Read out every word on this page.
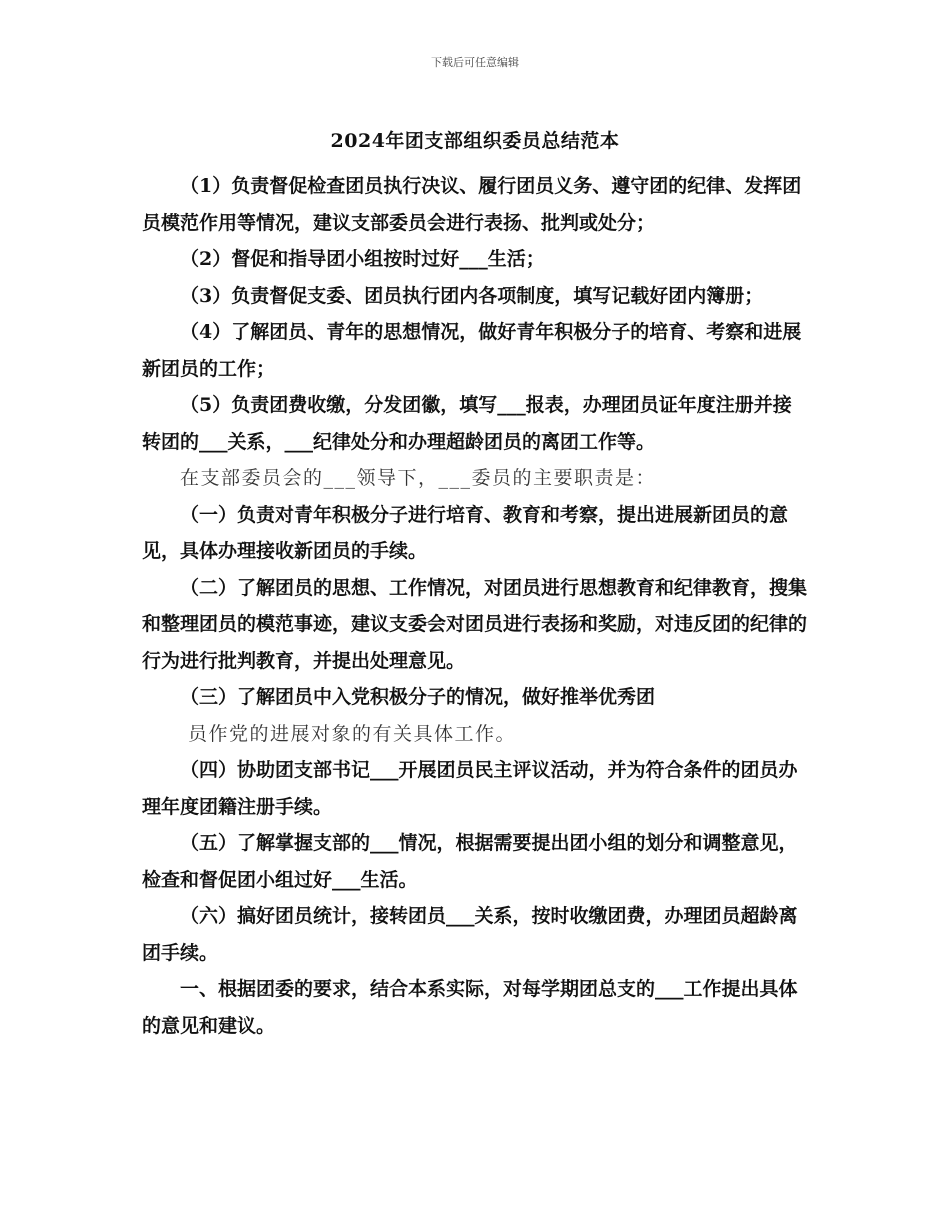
下载后可任意编辑
2024年团支部组织委员总结范本

（1）负责督促检查团员执行决议、履行团员义务、遵守团的纪律、发挥团员模范作用等情况，建议支部委员会进行表扬、批判或处分；

（2）督促和指导团小组按时过好___生活；

（3）负责督促支委、团员执行团内各项制度，填写记载好团内簿册；

（4）了解团员、青年的思想情况，做好青年积极分子的培育、考察和进展新团员的工作；

（5）负责团费收缴，分发团徽，填写___报表，办理团员证年度注册并接转团的___关系，___纪律处分和办理超龄团员的离团工作等。

在支部委员会的___领导下，___委员的主要职责是：

（一）负责对青年积极分子进行培育、教育和考察，提出进展新团员的意见，具体办理接收新团员的手续。

（二）了解团员的思想、工作情况，对团员进行思想教育和纪律教育，搜集和整理团员的模范事迹，建议支委会对团员进行表扬和奖励，对违反团的纪律的行为进行批判教育，并提出处理意见。

（三）了解团员中入党积极分子的情况，做好推举优秀团

员作党的进展对象的有关具体工作。

（四）协助团支部书记___开展团员民主评议活动，并为符合条件的团员办理年度团籍注册手续。

（五）了解掌握支部的___情况，根据需要提出团小组的划分和调整意见，检查和督促团小组过好___生活。

（六）搞好团员统计，接转团员___关系，按时收缴团费，办理团员超龄离团手续。

一、根据团委的要求，结合本系实际，对每学期团总支的___工作提出具体的意见和建议。
